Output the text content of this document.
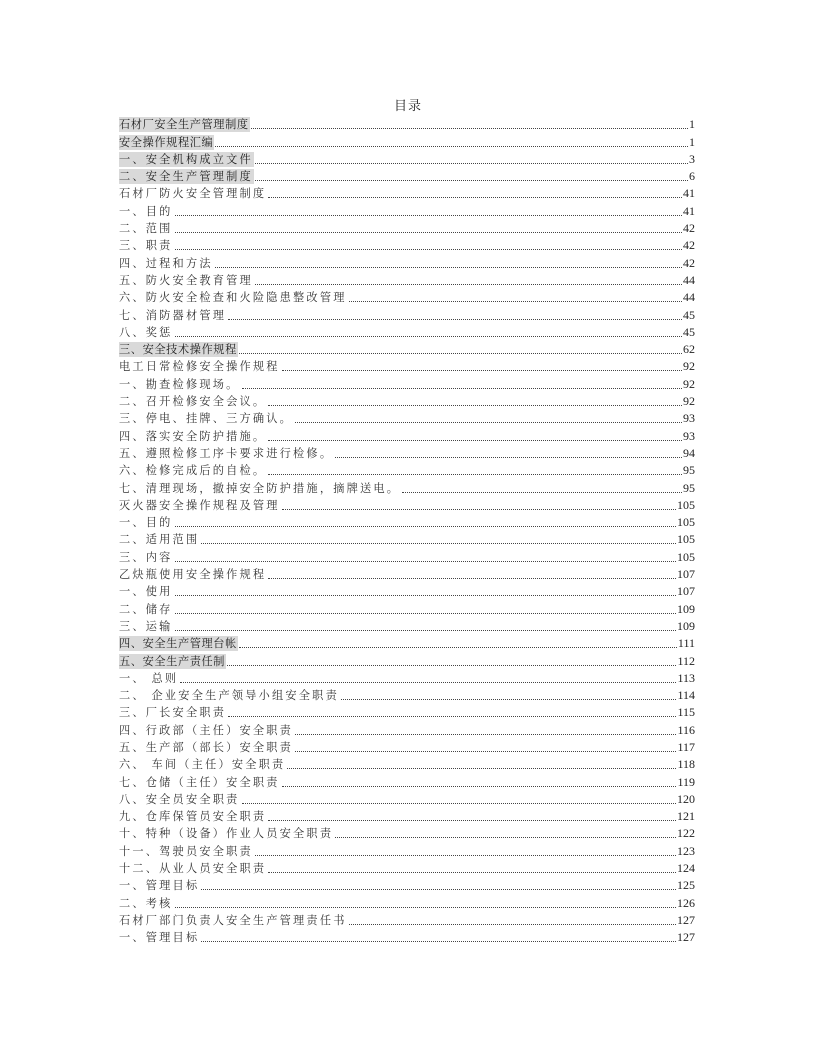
目录
石材厂安全生产管理制度	1
安全操作规程汇编	1
一、安全机构成立文件	3
二、安全生产管理制度	6
石材厂防火安全管理制度	41
一、目的	41
二、范围	42
三、职责	42
四、过程和方法	42
五、防火安全教育管理	44
六、防火安全检查和火险隐患整改管理	44
七、消防器材管理	45
八、奖惩	45
三、安全技术操作规程	62
电工日常检修安全操作规程	92
一、勘查检修现场。	92
二、召开检修安全会议。	92
三、停电、挂牌、三方确认。	93
四、落实安全防护措施。	93
五、遵照检修工序卡要求进行检修。	94
六、检修完成后的自检。	95
七、清理现场，撤掉安全防护措施，摘牌送电。	95
灭火器安全操作规程及管理	105
一、目的	105
二、适用范围	105
三、内容	105
乙炔瓶使用安全操作规程	107
一、使用	107
二、储存	109
三、运输	109
四、安全生产管理台帐	111
五、安全生产责任制	112
一、 总则	113
二、 企业安全生产领导小组安全职责	114
三、厂长安全职责	115
四、行政部（主任）安全职责	116
五、生产部（部长）安全职责	117
六、 车间（主任）安全职责	118
七、仓储（主任）安全职责	119
八、安全员安全职责	120
九、仓库保管员安全职责	121
十、特种（设备）作业人员安全职责	122
十一、驾驶员安全职责	123
十二、从业人员安全职责	124
一、管理目标	125
二、考核	126
石材厂部门负责人安全生产管理责任书	127
一、管理目标	127
